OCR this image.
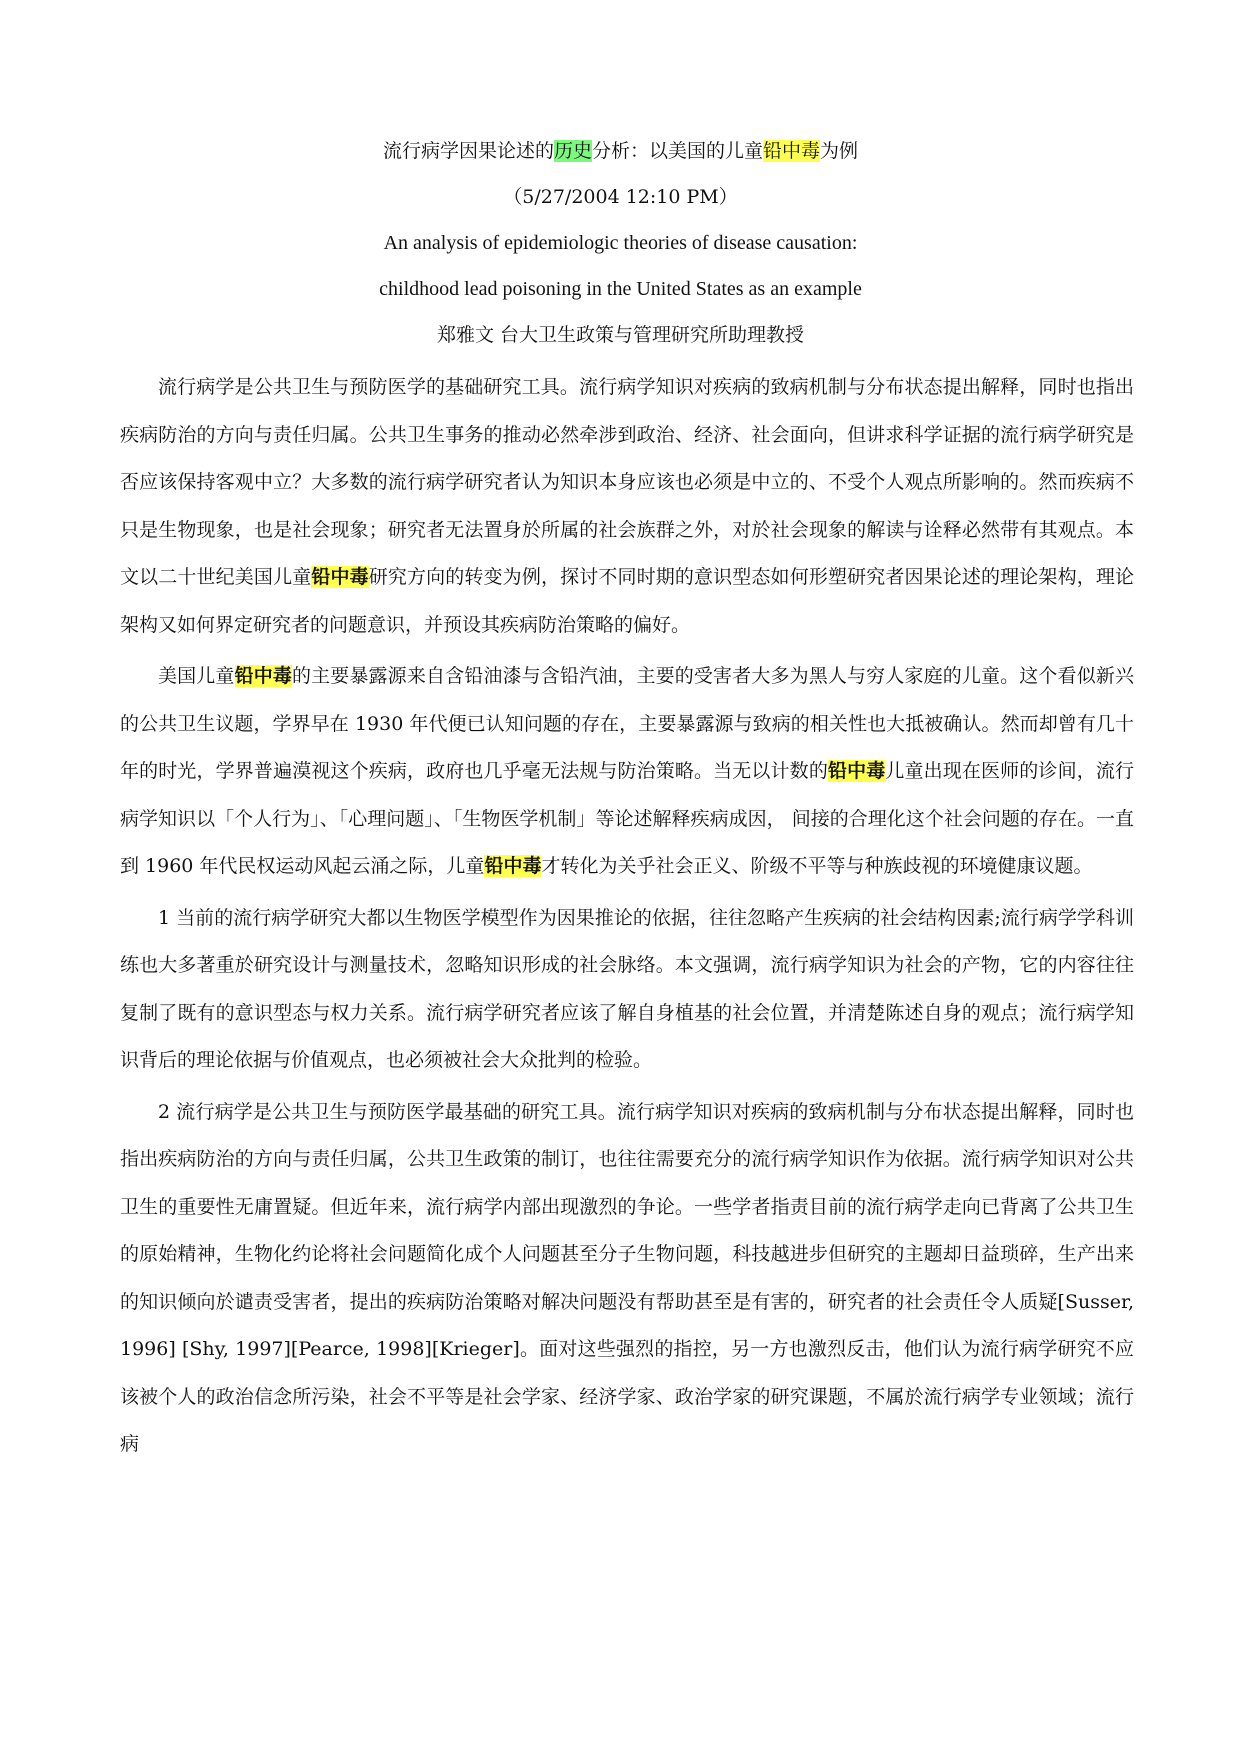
流行病学因果论述的历史分析：以美国的儿童铅中毒为例
（5/27/2004 12:10 PM）
An analysis of epidemiologic theories of disease causation:
childhood lead poisoning in the United States as an example
郑雅文 台大卫生政策与管理研究所助理教授

流行病学是公共卫生与预防医学的基础研究工具。流行病学知识对疾病的致病机制与分布状态提出解释，同时也指出疾病防治的方向与责任归属。公共卫生事务的推动必然牵涉到政治、经济、社会面向，但讲求科学证据的流行病学研究是否应该保持客观中立？大多数的流行病学研究者认为知识本身应该也必须是中立的、不受个人观点所影响的。然而疾病不只是生物现象，也是社会现象；研究者无法置身於所属的社会族群之外，对於社会现象的解读与诠释必然带有其观点。本文以二十世纪美国儿童铅中毒研究方向的转变为例，探讨不同时期的意识型态如何形塑研究者因果论述的理论架构，理论架构又如何界定研究者的问题意识，并预设其疾病防治策略的偏好。

美国儿童铅中毒的主要暴露源来自含铅油漆与含铅汽油，主要的受害者大多为黑人与穷人家庭的儿童。这个看似新兴的公共卫生议题，学界早在 1930 年代便已认知问题的存在，主要暴露源与致病的相关性也大抵被确认。然而却曾有几十年的时光，学界普遍漠视这个疾病，政府也几乎毫无法规与防治策略。当无以计数的铅中毒儿童出现在医师的诊间，流行病学知识以「个人行为」、「心理问题」、「生物医学机制」等论述解释疾病成因， 间接的合理化这个社会问题的存在。一直到 1960 年代民权运动风起云涌之际，儿童铅中毒才转化为关乎社会正义、阶级不平等与种族歧视的环境健康议题。

1 当前的流行病学研究大都以生物医学模型作为因果推论的依据，往往忽略产生疾病的社会结构因素;流行病学学科训练也大多著重於研究设计与测量技术，忽略知识形成的社会脉络。本文强调，流行病学知识为社会的产物，它的内容往往复制了既有的意识型态与权力关系。流行病学研究者应该了解自身植基的社会位置，并清楚陈述自身的观点；流行病学知识背后的理论依据与价值观点，也必须被社会大众批判的检验。

2 流行病学是公共卫生与预防医学最基础的研究工具。流行病学知识对疾病的致病机制与分布状态提出解释，同时也指出疾病防治的方向与责任归属，公共卫生政策的制订，也往往需要充分的流行病学知识作为依据。流行病学知识对公共卫生的重要性无庸置疑。但近年来，流行病学内部出现激烈的争论。一些学者指责目前的流行病学走向已背离了公共卫生的原始精神，生物化约论将社会问题简化成个人问题甚至分子生物问题，科技越进步但研究的主题却日益琐碎，生产出来的知识倾向於谴责受害者，提出的疾病防治策略对解决问题没有帮助甚至是有害的，研究者的社会责任令人质疑[Susser, 1996] [Shy, 1997][Pearce, 1998][Krieger]。面对这些强烈的指控，另一方也激烈反击，他们认为流行病学研究不应该被个人的政治信念所污染，社会不平等是社会学家、经济学家、政治学家的研究课题，不属於流行病学专业领域；流行病
